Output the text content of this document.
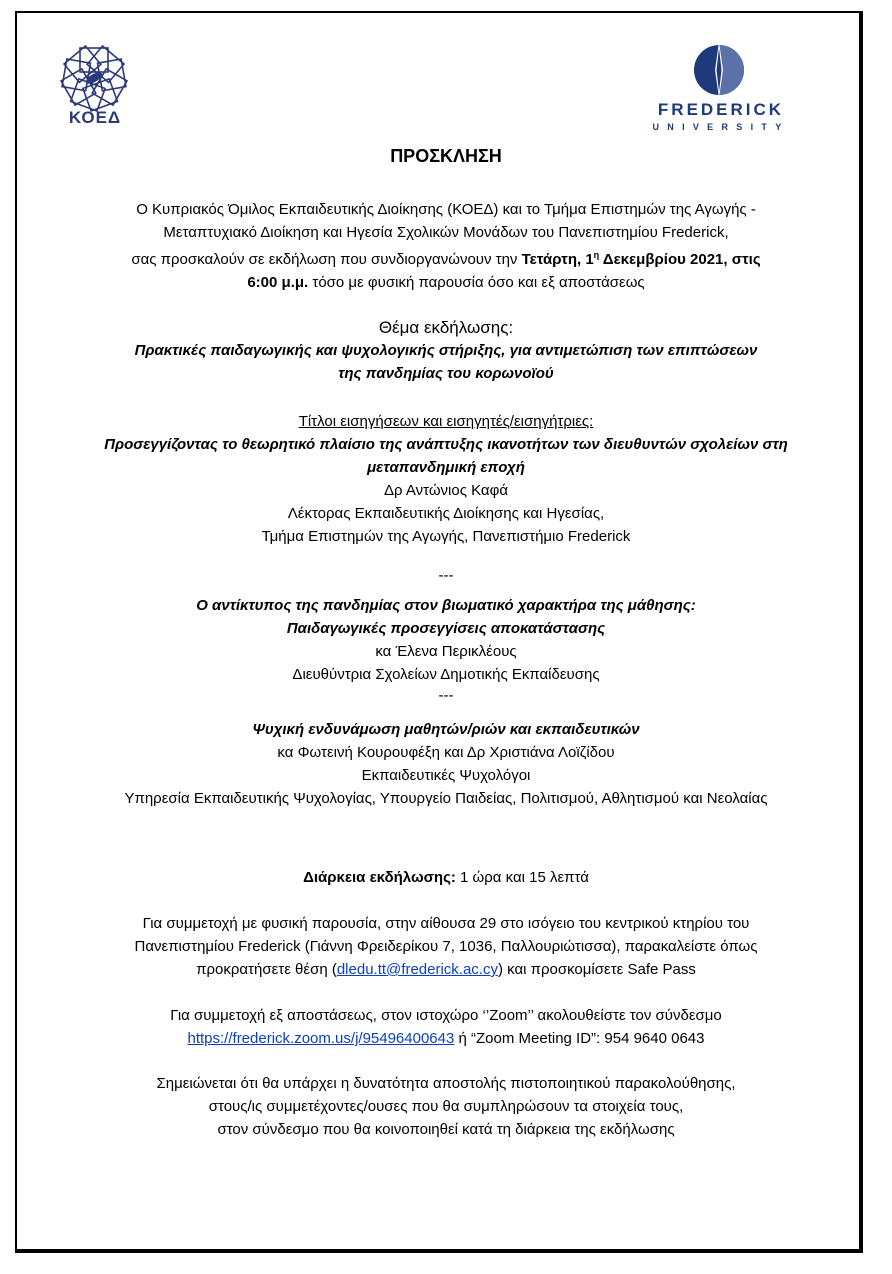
ΚΟΕΔ	FREDERICK
UNIVERSITY
ΠΡΟΣΚΛΗΣΗ
Ο Κυπριακός Όμιλος Εκπαιδευτικής Διοίκησης (ΚΟΕΔ) και το Τμήμα Επιστημών της Αγωγής -
Μεταπτυχιακό Διοίκηση και Ηγεσία Σχολικών Μονάδων του Πανεπιστημίου Frederick,
σας προσκαλούν σε εκδήλωση που συνδιοργανώνουν την Τετάρτη, $1^\eta$ Δεκεμβρίου 2021, στις
6:00 μ.μ. τόσο με φυσική παρουσία όσο και εξ αποστάσεως
Θέμα εκδήλωσης:
Πρακτικές παιδαγωγικής και ψυχολογικής στήριξης, για αντιμετώπιση των επιπτώσεων
της πανδημίας του κορωνοϊού
Τίτλοι εισηγήσεων και εισηγητές/εισηγήτριες:
Προσεγγίζοντας το θεωρητικό πλαίσιο της ανάπτυξης ικανοτήτων των διευθυντών σχολείων στη
μεταπανδημική εποχή
Δρ Αντώνιος Καφά
Λέκτορας Εκπαιδευτικής Διοίκησης και Ηγεσίας,
Τμήμα Επιστημών της Αγωγής, Πανεπιστήμιο Frederick
---
Ο αντίκτυπος της πανδημίας στον βιωματικό χαρακτήρα της μάθησης:
Παιδαγωγικές προσεγγίσεις αποκατάστασης
κα Έλενα Περικλέους
Διευθύντρια Σχολείων Δημοτικής Εκπαίδευσης
---
Ψυχική ενδυνάμωση μαθητών/ριών και εκπαιδευτικών
κα Φωτεινή Κουρουφέξη και Δρ Χριστιάνα Λοϊζίδου
Εκπαιδευτικές Ψυχολόγοι
Υπηρεσία Εκπαιδευτικής Ψυχολογίας, Υπουργείο Παιδείας, Πολιτισμού, Αθλητισμού και Νεολαίας
Διάρκεια εκδήλωσης: 1 ώρα και 15 λεπτά
Για συμμετοχή με φυσική παρουσία, στην αίθουσα 29 στο ισόγειο του κεντρικού κτηρίου του
Πανεπιστημίου Frederick (Γιάννη Φρειδερίκου 7, 1036, Παλλουριώτισσα), παρακαλείστε όπως
προκρατήσετε θέση (dledu.tt@frederick.ac.cy) και προσκομίσετε Safe Pass
Για συμμετοχή εξ αποστάσεως, στον ιστοχώρο ‘’Zoom’’ ακολουθείστε τον σύνδεσμο
https://frederick.zoom.us/j/95496400643 ή “Zoom Meeting ID”: 954 9640 0643
Σημειώνεται ότι θα υπάρχει η δυνατότητα αποστολής πιστοποιητικού παρακολούθησης,
στους/ις συμμετέχοντες/ουσες που θα συμπληρώσουν τα στοιχεία τους,
στον σύνδεσμο που θα κοινοποιηθεί κατά τη διάρκεια της εκδήλωσης
